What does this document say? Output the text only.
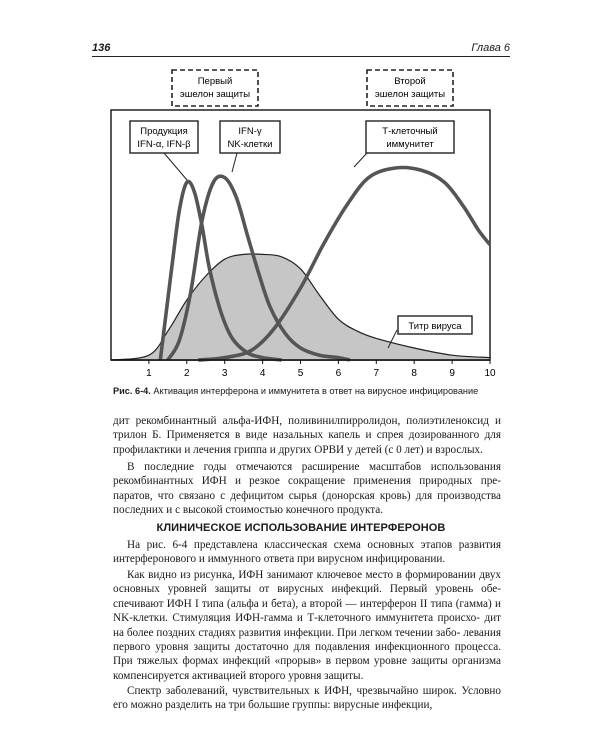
136	Глава 6
Первый
эшелон защиты
Второй
эшелон защиты
1	2	3	4	5	6	7	8	9	10
Продукция
IFN-α, IFN-β
IFN-γ
NK-клетки
Т-клеточный
иммунитет
Титр вируса
Рис. 6-4. Активация интерферона и иммунитета в ответ на вирусное инфицирование

дит рекомбинантный альфа-ИФН, поливинилпирролидон, полиэтиленоксид и трилон Б. Применяется в виде назальных капель и спрея дозированного для профилактики и лечения гриппа и других ОРВИ у детей (с 0 лет) и взрослых.

В последние годы отмечаются расширение масштабов использования рекомбинантных ИФН и резкое сокращение применения природных пре- паратов, что связано с дефицитом сырья (донорская кровь) для производства последних и с высокой стоимостью конечного продукта.

КЛИНИЧЕСКОЕ ИСПОЛЬЗОВАНИЕ ИНТЕРФЕРОНОВ

На рис. 6-4 представлена классическая схема основных этапов развития интерферонового и иммунного ответа при вирусном инфицировании.

Как видно из рисунка, ИФН занимают ключевое место в формировании двух основных уровней защиты от вирусных инфекций. Первый уровень обе- спечивают ИФН I типа (альфа и бета), а второй — интерферон II типа (гамма) и NK-клетки. Стимуляция ИФН-гамма и Т-клеточного иммунитета происхо- дит на более поздних стадиях развития инфекции. При легком течении забо- левания первого уровня защиты достаточно для подавления инфекционного процесса. При тяжелых формах инфекций «прорыв» в первом уровне защиты организма компенсируется активацией второго уровня защиты.

Спектр заболеваний, чувствительных к ИФН, чрезвычайно широк. Условно его можно разделить на три большие группы: вирусные инфекции,
